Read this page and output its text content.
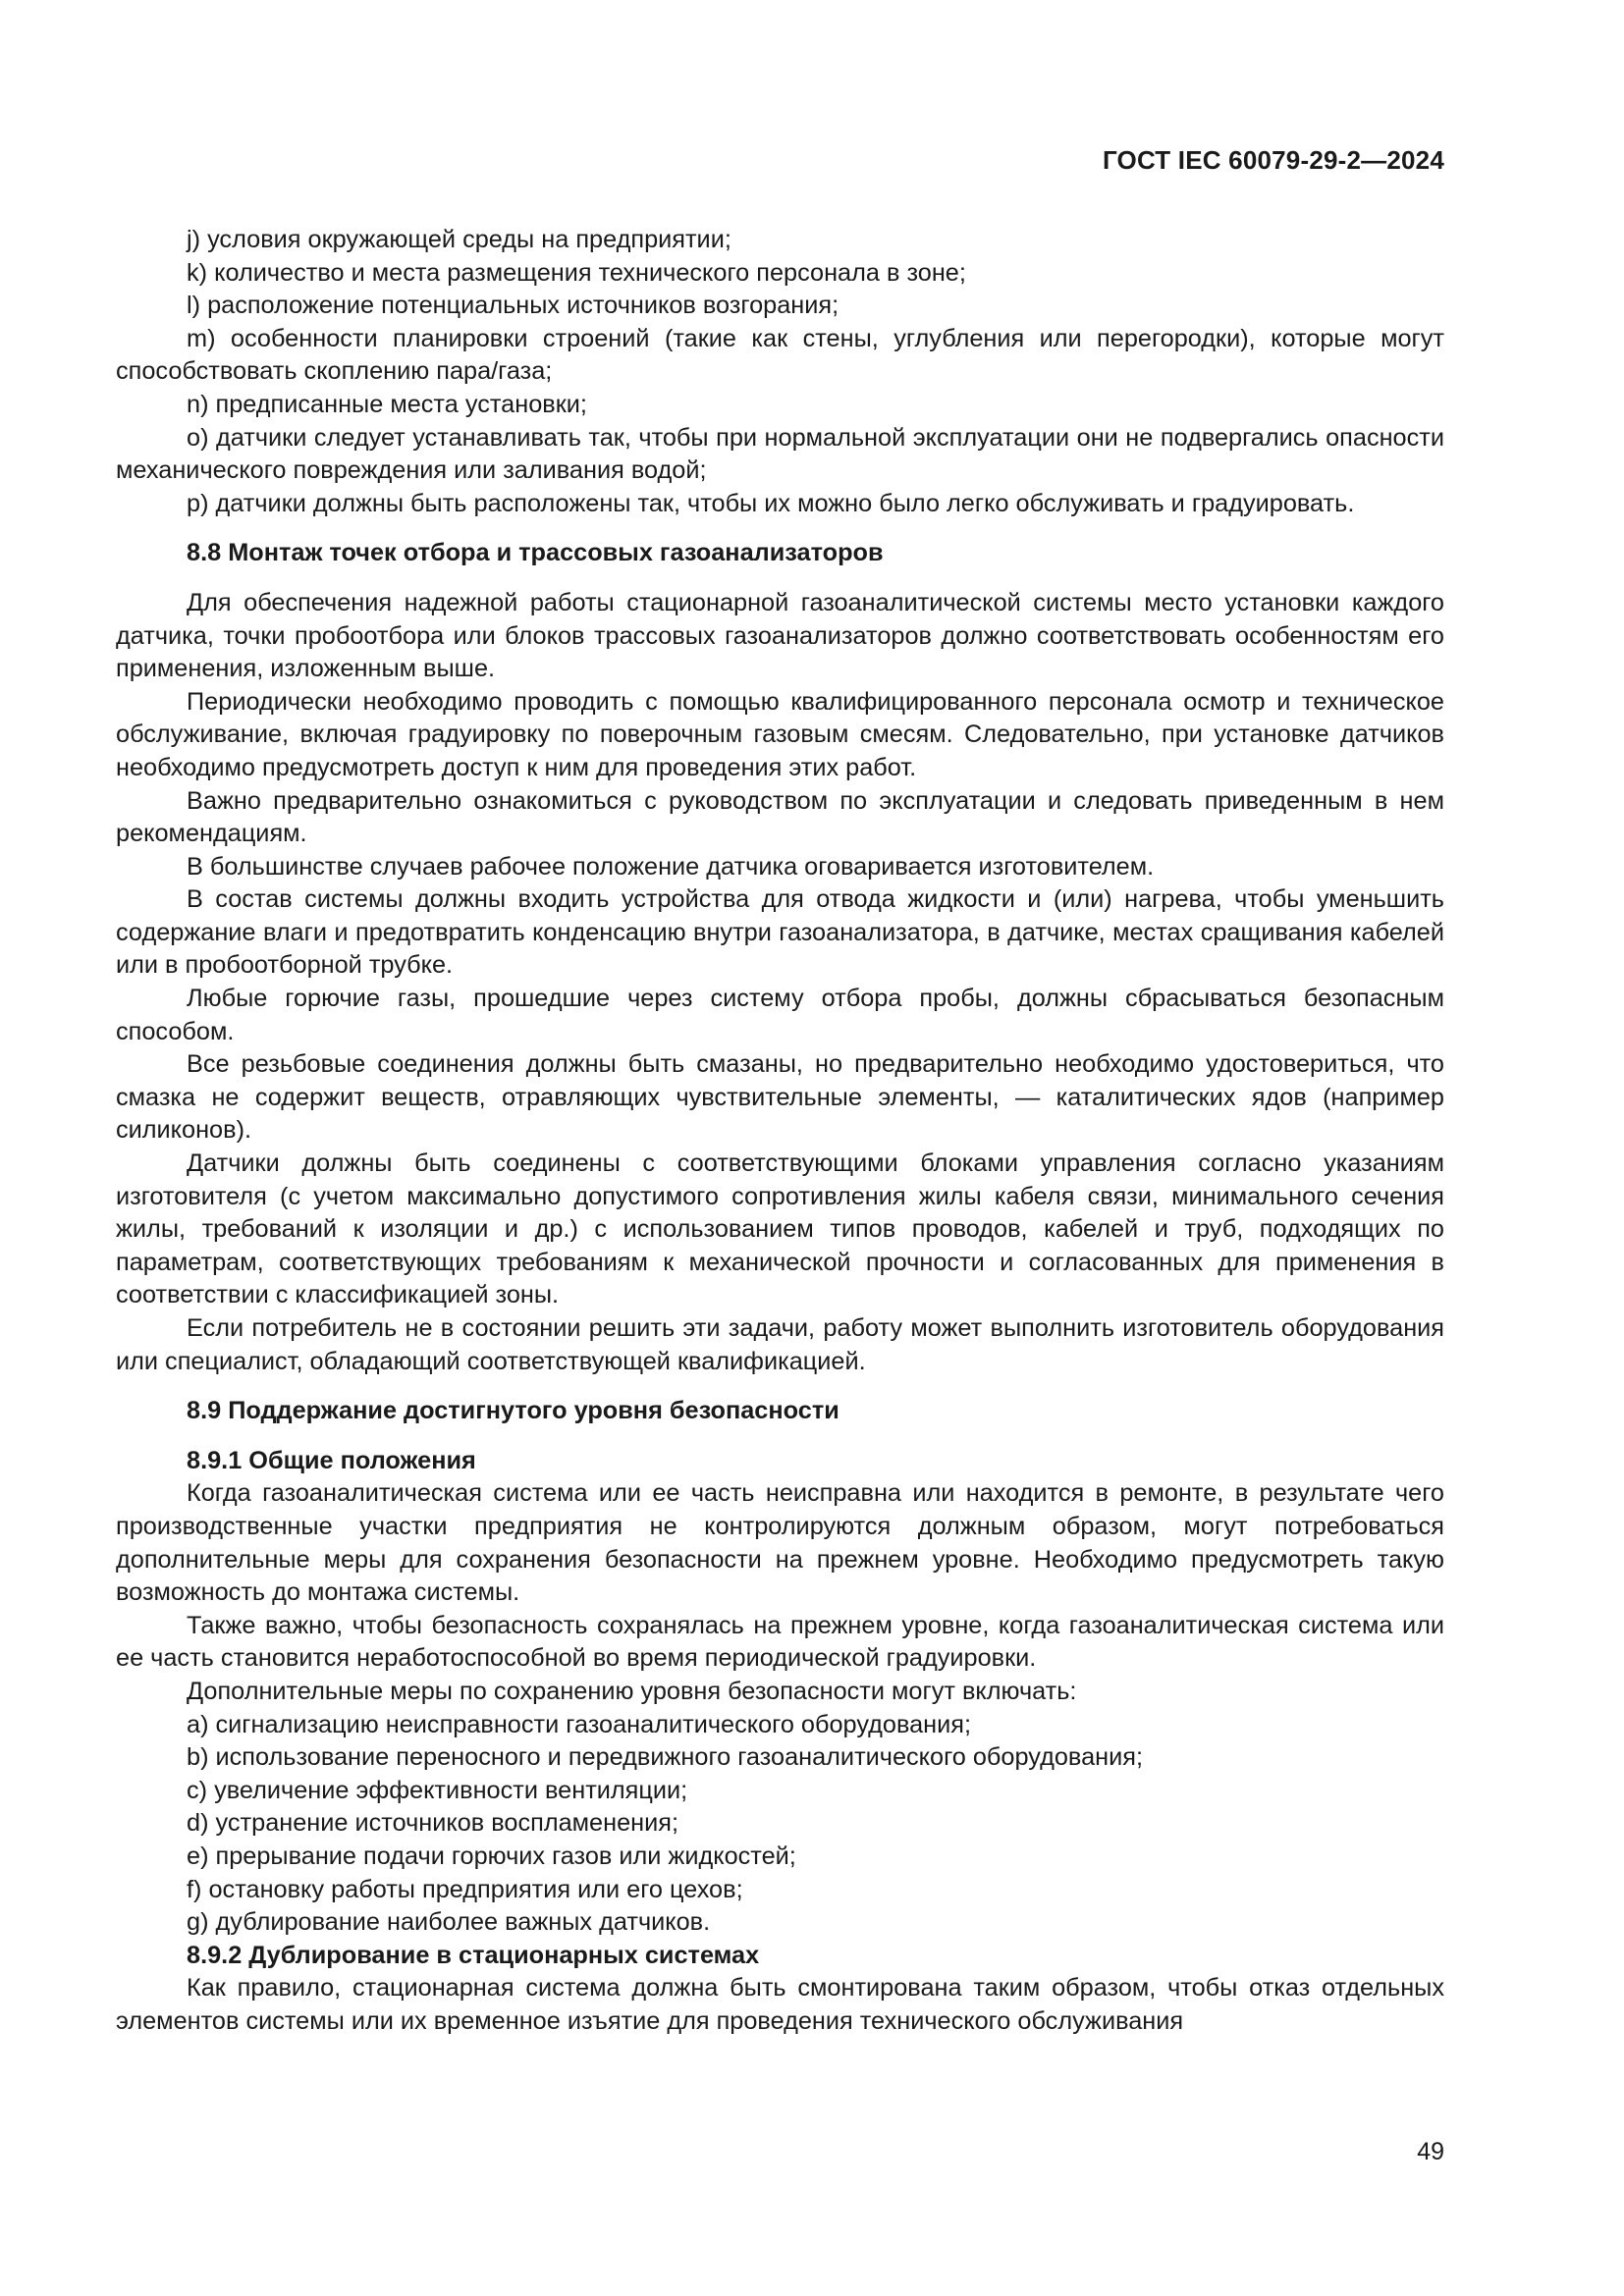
ГОСТ IEC 60079-29-2—2024

j) условия окружающей среды на предприятии;

k) количество и места размещения технического персонала в зоне;

l) расположение потенциальных источников возгорания;

m) особенности планировки строений (такие как стены, углубления или перегородки), которые могут способствовать скоплению пара/газа;

n) предписанные места установки;

o) датчики следует устанавливать так, чтобы при нормальной эксплуатации они не подвергались опасности механического повреждения или заливания водой;

p) датчики должны быть расположены так, чтобы их можно было легко обслуживать и градуировать.

8.8 Монтаж точек отбора и трассовых газоанализаторов

Для обеспечения надежной работы стационарной газоаналитической системы место установки каждого датчика, точки пробоотбора или блоков трассовых газоанализаторов должно соответствовать особенностям его применения, изложенным выше.

Периодически необходимо проводить с помощью квалифицированного персонала осмотр и техническое обслуживание, включая градуировку по поверочным газовым смесям. Следовательно, при установке датчиков необходимо предусмотреть доступ к ним для проведения этих работ.

Важно предварительно ознакомиться с руководством по эксплуатации и следовать приведенным в нем рекомендациям.

В большинстве случаев рабочее положение датчика оговаривается изготовителем.

В состав системы должны входить устройства для отвода жидкости и (или) нагрева, чтобы уменьшить содержание влаги и предотвратить конденсацию внутри газоанализатора, в датчике, местах сращивания кабелей или в пробоотборной трубке.

Любые горючие газы, прошедшие через систему отбора пробы, должны сбрасываться безопасным способом.

Все резьбовые соединения должны быть смазаны, но предварительно необходимо удостовериться, что смазка не содержит веществ, отравляющих чувствительные элементы, — каталитических ядов (например силиконов).

Датчики должны быть соединены с соответствующими блоками управления согласно указаниям изготовителя (с учетом максимально допустимого сопротивления жилы кабеля связи, минимального сечения жилы, требований к изоляции и др.) с использованием типов проводов, кабелей и труб, подходящих по параметрам, соответствующих требованиям к механической прочности и согласованных для применения в соответствии с классификацией зоны.

Если потребитель не в состоянии решить эти задачи, работу может выполнить изготовитель оборудования или специалист, обладающий соответствующей квалификацией.

8.9 Поддержание достигнутого уровня безопасности

8.9.1 Общие положения

Когда газоаналитическая система или ее часть неисправна или находится в ремонте, в результате чего производственные участки предприятия не контролируются должным образом, могут потребоваться дополнительные меры для сохранения безопасности на прежнем уровне. Необходимо предусмотреть такую возможность до монтажа системы.

Также важно, чтобы безопасность сохранялась на прежнем уровне, когда газоаналитическая система или ее часть становится неработоспособной во время периодической градуировки.

Дополнительные меры по сохранению уровня безопасности могут включать:

a) сигнализацию неисправности газоаналитического оборудования;

b) использование переносного и передвижного газоаналитического оборудования;

c) увеличение эффективности вентиляции;

d) устранение источников воспламенения;

e) прерывание подачи горючих газов или жидкостей;

f) остановку работы предприятия или его цехов;

g) дублирование наиболее важных датчиков.

8.9.2 Дублирование в стационарных системах

Как правило, стационарная система должна быть смонтирована таким образом, чтобы отказ отдельных элементов системы или их временное изъятие для проведения технического обслуживания

49
